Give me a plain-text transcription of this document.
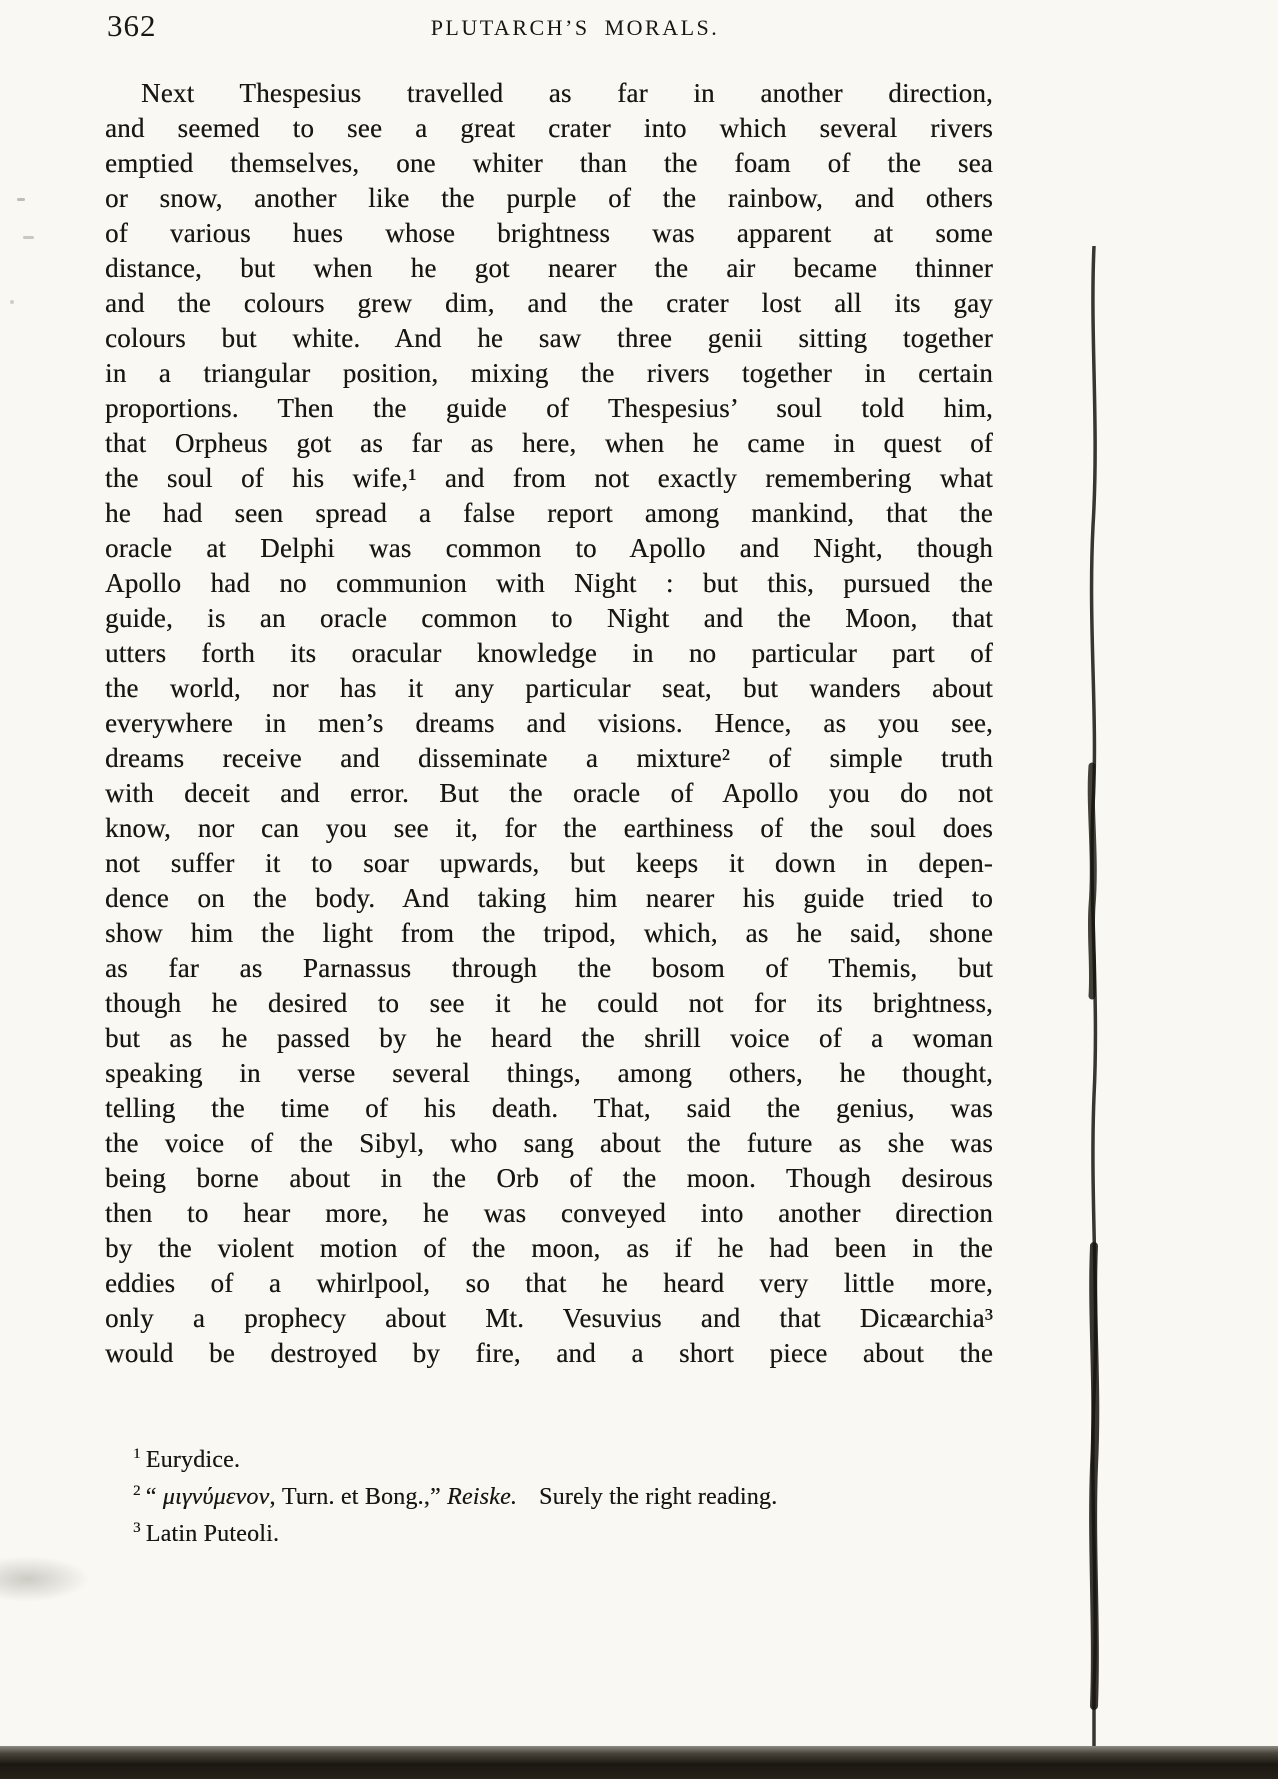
362	PLUTARCH’S MORALS.
Next Thespesius travelled as far in another direction,
and seemed to see a great crater into which several rivers
emptied themselves, one whiter than the foam of the sea
or snow, another like the purple of the rainbow, and others
of various hues whose brightness was apparent at some
distance, but when he got nearer the air became thinner
and the colours grew dim, and the crater lost all its gay
colours but white. And he saw three genii sitting together
in a triangular position, mixing the rivers together in certain
proportions. Then the guide of Thespesius’ soul told him,
that Orpheus got as far as here, when he came in quest of
the soul of his wife,¹ and from not exactly remembering what
he had seen spread a false report among mankind, that the
oracle at Delphi was common to Apollo and Night, though
Apollo had no communion with Night : but this, pursued the
guide, is an oracle common to Night and the Moon, that
utters forth its oracular knowledge in no particular part of
the world, nor has it any particular seat, but wanders about
everywhere in men’s dreams and visions. Hence, as you see,
dreams receive and disseminate a mixture² of simple truth
with deceit and error. But the oracle of Apollo you do not
know, nor can you see it, for the earthiness of the soul does
not suffer it to soar upwards, but keeps it down in depen-
dence on the body. And taking him nearer his guide tried to
show him the light from the tripod, which, as he said, shone
as far as Parnassus through the bosom of Themis, but
though he desired to see it he could not for its brightness,
but as he passed by he heard the shrill voice of a woman
speaking in verse several things, among others, he thought,
telling the time of his death. That, said the genius, was
the voice of the Sibyl, who sang about the future as she was
being borne about in the Orb of the moon. Though desirous
then to hear more, he was conveyed into another direction
by the violent motion of the moon, as if he had been in the
eddies of a whirlpool, so that he heard very little more,
only a prophecy about Mt. Vesuvius and that Dicæarchia³
would be destroyed by fire, and a short piece about the
$^1$ Eurydice.
$^2$ “ μιγνύμενον, Turn. et Bong.,” Reiske. Surely the right reading.
$^3$ Latin Puteoli.
